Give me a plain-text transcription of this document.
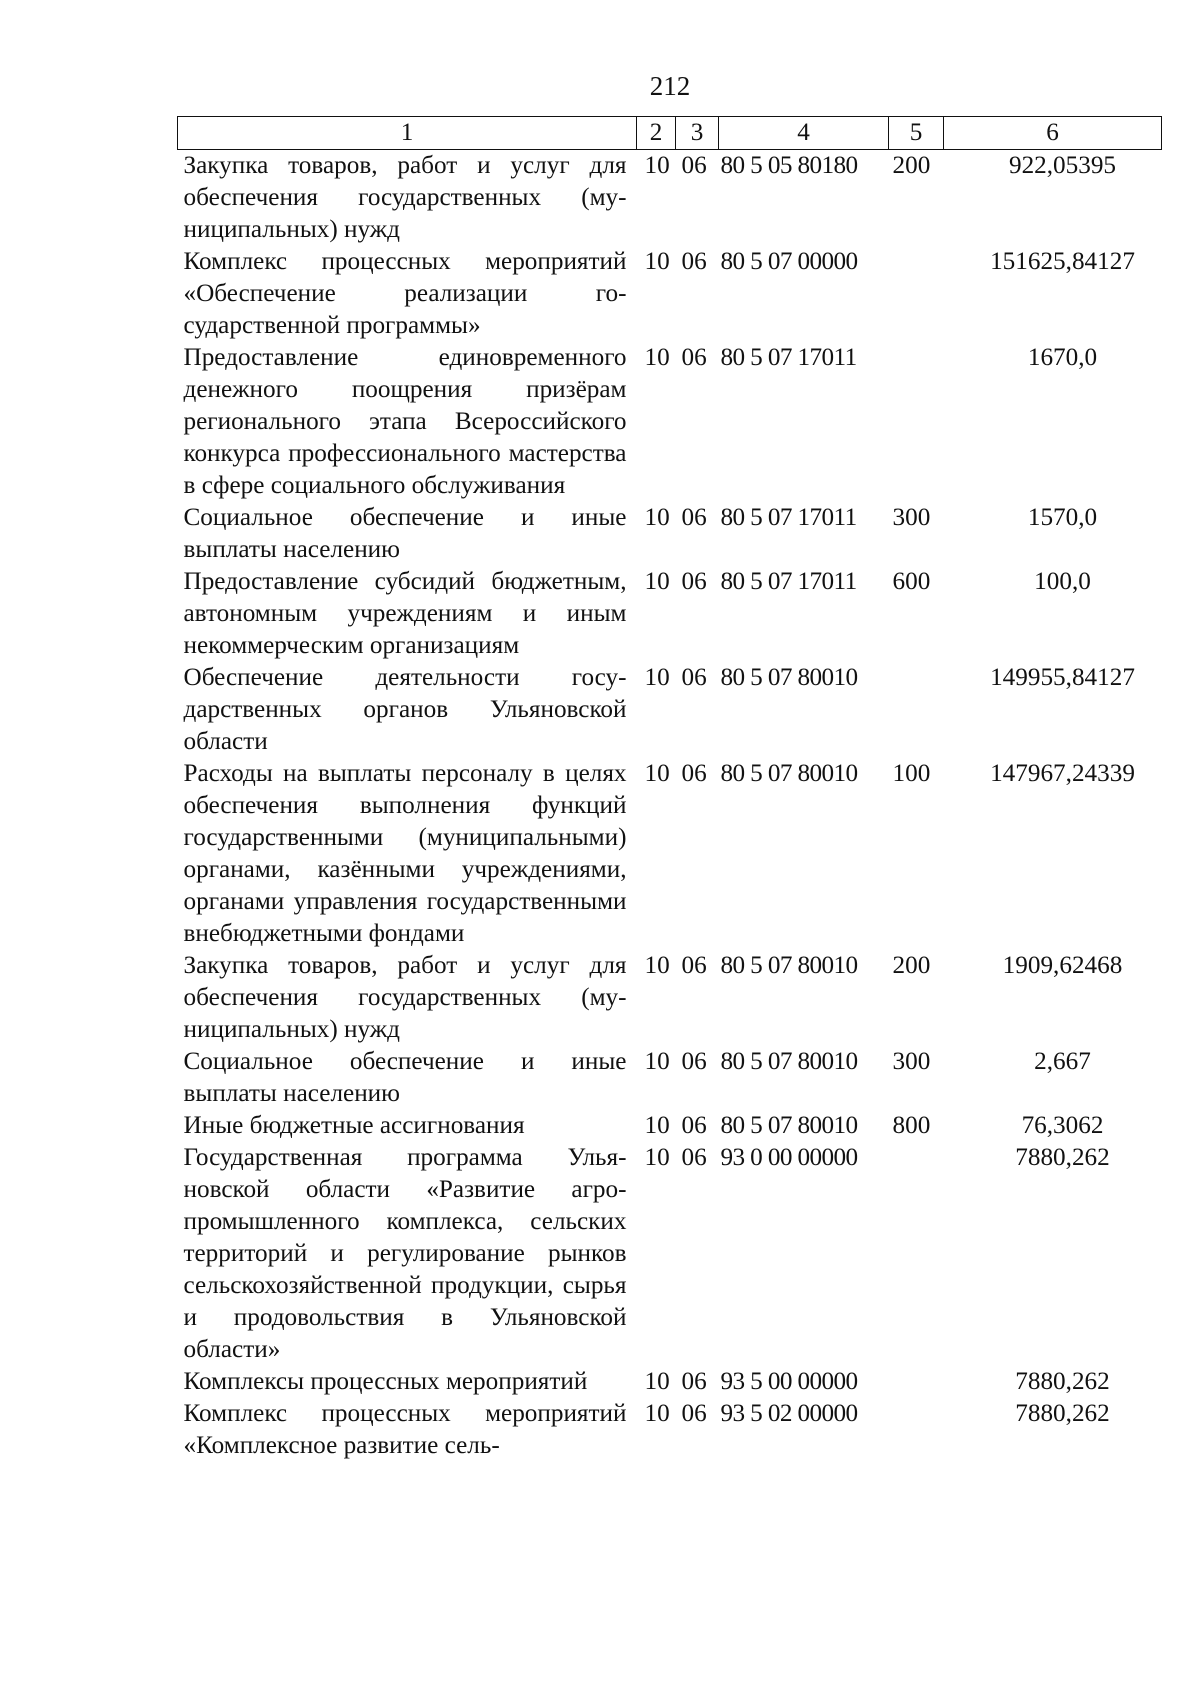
212
1	2	3	4	5	6
Закупка товаров, работ и услуг для обеспечения государственных (муниципальных) нужд	10	06	80 5 05 80180	200	922,05395
Комплекс процессных мероприятий «Обеспечение реализации государственной программы»	10	06	80 5 07 00000		151625,84127
Предоставление единовременного денежного поощрения призёрам регионального этапа Всероссийского конкурса профессионального мастерства в сфере социального обслуживания	10	06	80 5 07 17011		1670,0
Социальное обеспечение и иные выплаты населению	10	06	80 5 07 17011	300	1570,0
Предоставление субсидий бюджетным, автономным учреждениям и иным некоммерческим организациям	10	06	80 5 07 17011	600	100,0
Обеспечение деятельности государственных органов Ульяновской области	10	06	80 5 07 80010		149955,84127
Расходы на выплаты персоналу в целях обеспечения выполнения функций государственными (муниципальными) органами, казёнными учреждениями, органами управления государственными внебюджетными фондами	10	06	80 5 07 80010	100	147967,24339
Закупка товаров, работ и услуг для обеспечения государственных (муниципальных) нужд	10	06	80 5 07 80010	200	1909,62468
Социальное обеспечение и иные выплаты населению	10	06	80 5 07 80010	300	2,667
Иные бюджетные ассигнования	10	06	80 5 07 80010	800	76,3062
Государственная программа Ульяновской области «Развитие агропромышленного комплекса, сельских территорий и регулирование рынков сельскохозяйственной продукции, сырья и продовольствия в Ульяновской области»	10	06	93 0 00 00000		7880,262
Комплексы процессных мероприятий	10	06	93 5 00 00000		7880,262
Комплекс процессных мероприятий «Комплексное развитие сель-	10	06	93 5 02 00000		7880,262
